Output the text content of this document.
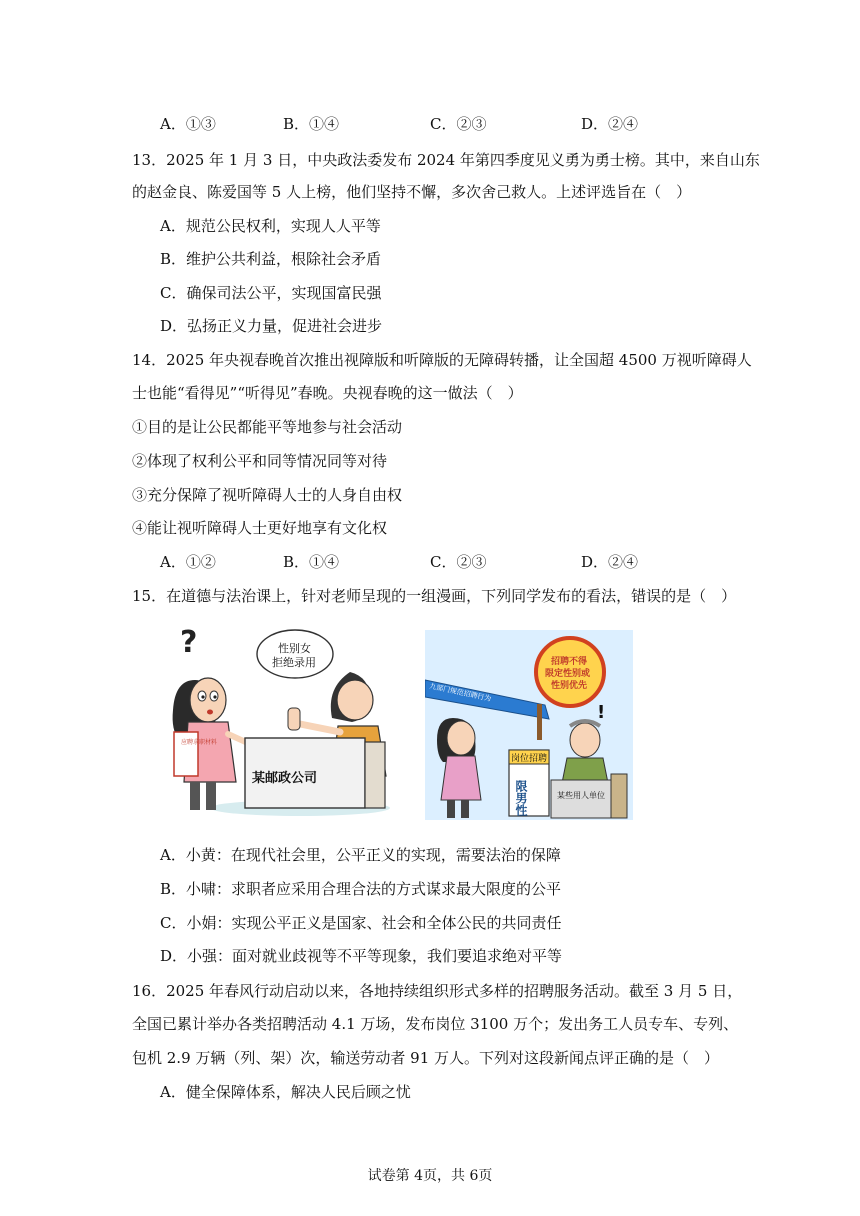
A．①③	B．①④	C．②③	D．②④
13．2025 年 1 月 3 日，中央政法委发布 2024 年第四季度见义勇为勇士榜。其中，来自山东
的赵金良、陈爱国等 5 人上榜，他们坚持不懈，多次舍己救人。上述评选旨在（　）
A．规范公民权利，实现人人平等
B．维护公共利益，根除社会矛盾
C．确保司法公平，实现国富民强
D．弘扬正义力量，促进社会进步
14．2025 年央视春晚首次推出视障版和听障版的无障碍转播，让全国超 4500 万视听障碍人
士也能“看得见”“听得见”春晚。央视春晚的这一做法（　）
①目的是让公民都能平等地参与社会活动
②体现了权利公平和同等情况同等对待
③充分保障了视听障碍人士的人身自由权
④能让视听障碍人士更好地享有文化权
A．①②	B．①④	C．②③	D．②④
15．在道德与法治课上，针对老师呈现的一组漫画，下列同学发布的看法，错误的是（　）
?
应聘求职材料
性别女
拒绝录用
某邮政公司
九部门规范招聘行为
招聘不得
限定性别或
性别优先
岗位招聘
限男性
!
某些用人单位
A．小黄：在现代社会里，公平正义的实现，需要法治的保障
B．小啸：求职者应采用合理合法的方式谋求最大限度的公平
C．小娟：实现公平正义是国家、社会和全体公民的共同责任
D．小强：面对就业歧视等不平等现象，我们要追求绝对平等
16．2025 年春风行动启动以来，各地持续组织形式多样的招聘服务活动。截至 3 月 5 日，
全国已累计举办各类招聘活动 4.1 万场，发布岗位 3100 万个；发出务工人员专车、专列、
包机 2.9 万辆（列、架）次，输送劳动者 91 万人。下列对这段新闻点评正确的是（　）
A．健全保障体系，解决人民后顾之忧
试卷第 4页，共 6页
